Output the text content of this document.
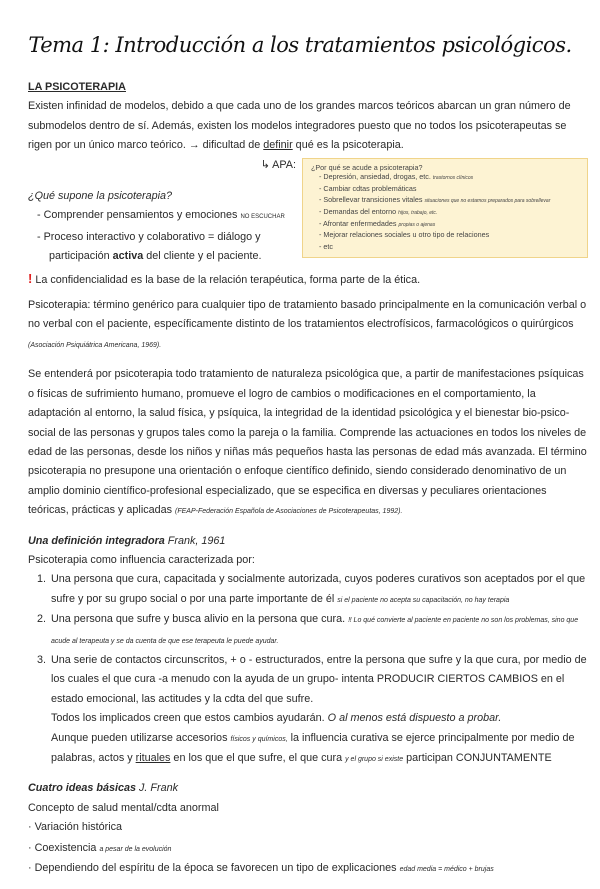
Tema 1: Introducción a los tratamientos psicológicos.
LA PSICOTERAPIA
Existen infinidad de modelos, debido a que cada uno de los grandes marcos teóricos abarcan un gran número de submodelos dentro de sí. Además, existen los modelos integradores puesto que no todos los psicoterapeutas se rigen por un único marco teórico. → dificultad de definir qué es la psicoterapia.
↳ APA:
¿Qué supone la psicoterapia?
- Comprender pensamientos y emociones NO ESCUCHAR
- Proceso interactivo y colaborativo = diálogo y participación activa del cliente y el paciente.
¿Por qué se acude a psicoterapia?
- Depresión, ansiedad, drogas, etc. trastornos clínicos
- Cambiar cdtas problemáticas
- Sobrellevar transiciones vitales situaciones que no estamos preparados para sobrellevar
- Demandas del entorno hijos, trabajo, etc.
- Afrontar enfermedades propias o ajenas
- Mejorar relaciones sociales u otro tipo de relaciones
- etc
! La confidencialidad es la base de la relación terapéutica, forma parte de la ética.
Psicoterapia: término genérico para cualquier tipo de tratamiento basado principalmente en la comunicación verbal o no verbal con el paciente, específicamente distinto de los tratamientos electrofísicos, farmacológicos o quirúrgicos (Asociación Psiquiátrica Americana, 1969).
Se entenderá por psicoterapia todo tratamiento de naturaleza psicológica que, a partir de manifestaciones psíquicas o físicas de sufrimiento humano, promueve el logro de cambios o modificaciones en el comportamiento, la adaptación al entorno, la salud física, y psíquica, la integridad de la identidad psicológica y el bienestar bio-psico-social de las personas y grupos tales como la pareja o la familia. Comprende las actuaciones en todos los niveles de edad de las personas, desde los niños y niñas más pequeños hasta las personas de edad más avanzada. El término psicoterapia no presupone una orientación o enfoque científico definido, siendo considerado denominativo de un amplio dominio científico-profesional especializado, que se especifica en diversas y peculiares orientaciones teóricas, prácticas y aplicadas (FEAP-Federación Española de Asociaciones de Psicoterapeutas, 1992).
Una definición integradora Frank, 1961
Psicoterapia como influencia caracterizada por:
1. Una persona que cura, capacitada y socialmente autorizada, cuyos poderes curativos son aceptados por el que sufre y por su grupo social o por una parte importante de él si el paciente no acepta su capacitación, no hay terapia
2. Una persona que sufre y busca alivio en la persona que cura. ‼ Lo qué convierte al paciente en paciente no son los problemas, sino que acude al terapeuta y se da cuenta de que ese terapeuta le puede ayudar.
3. Una serie de contactos circunscritos, + o - estructurados, entre la persona que sufre y la que cura, por medio de los cuales el que cura -a menudo con la ayuda de un grupo- intenta PRODUCIR CIERTOS CAMBIOS en el estado emocional, las actitudes y la cdta del que sufre.
Todos los implicados creen que estos cambios ayudarán. O al menos está dispuesto a probar.
Aunque pueden utilizarse accesorios físicos y químicos, la influencia curativa se ejerce principalmente por medio de palabras, actos y rituales en los que el que sufre, el que cura y el grupo si existe participan CONJUNTAMENTE
Cuatro ideas básicas J. Frank
Concepto de salud mental/cdta anormal
· Variación histórica
· Coexistencia a pesar de la evolución
· Dependiendo del espíritu de la época se favorecen un tipo de explicaciones edad media = médico + brujas
